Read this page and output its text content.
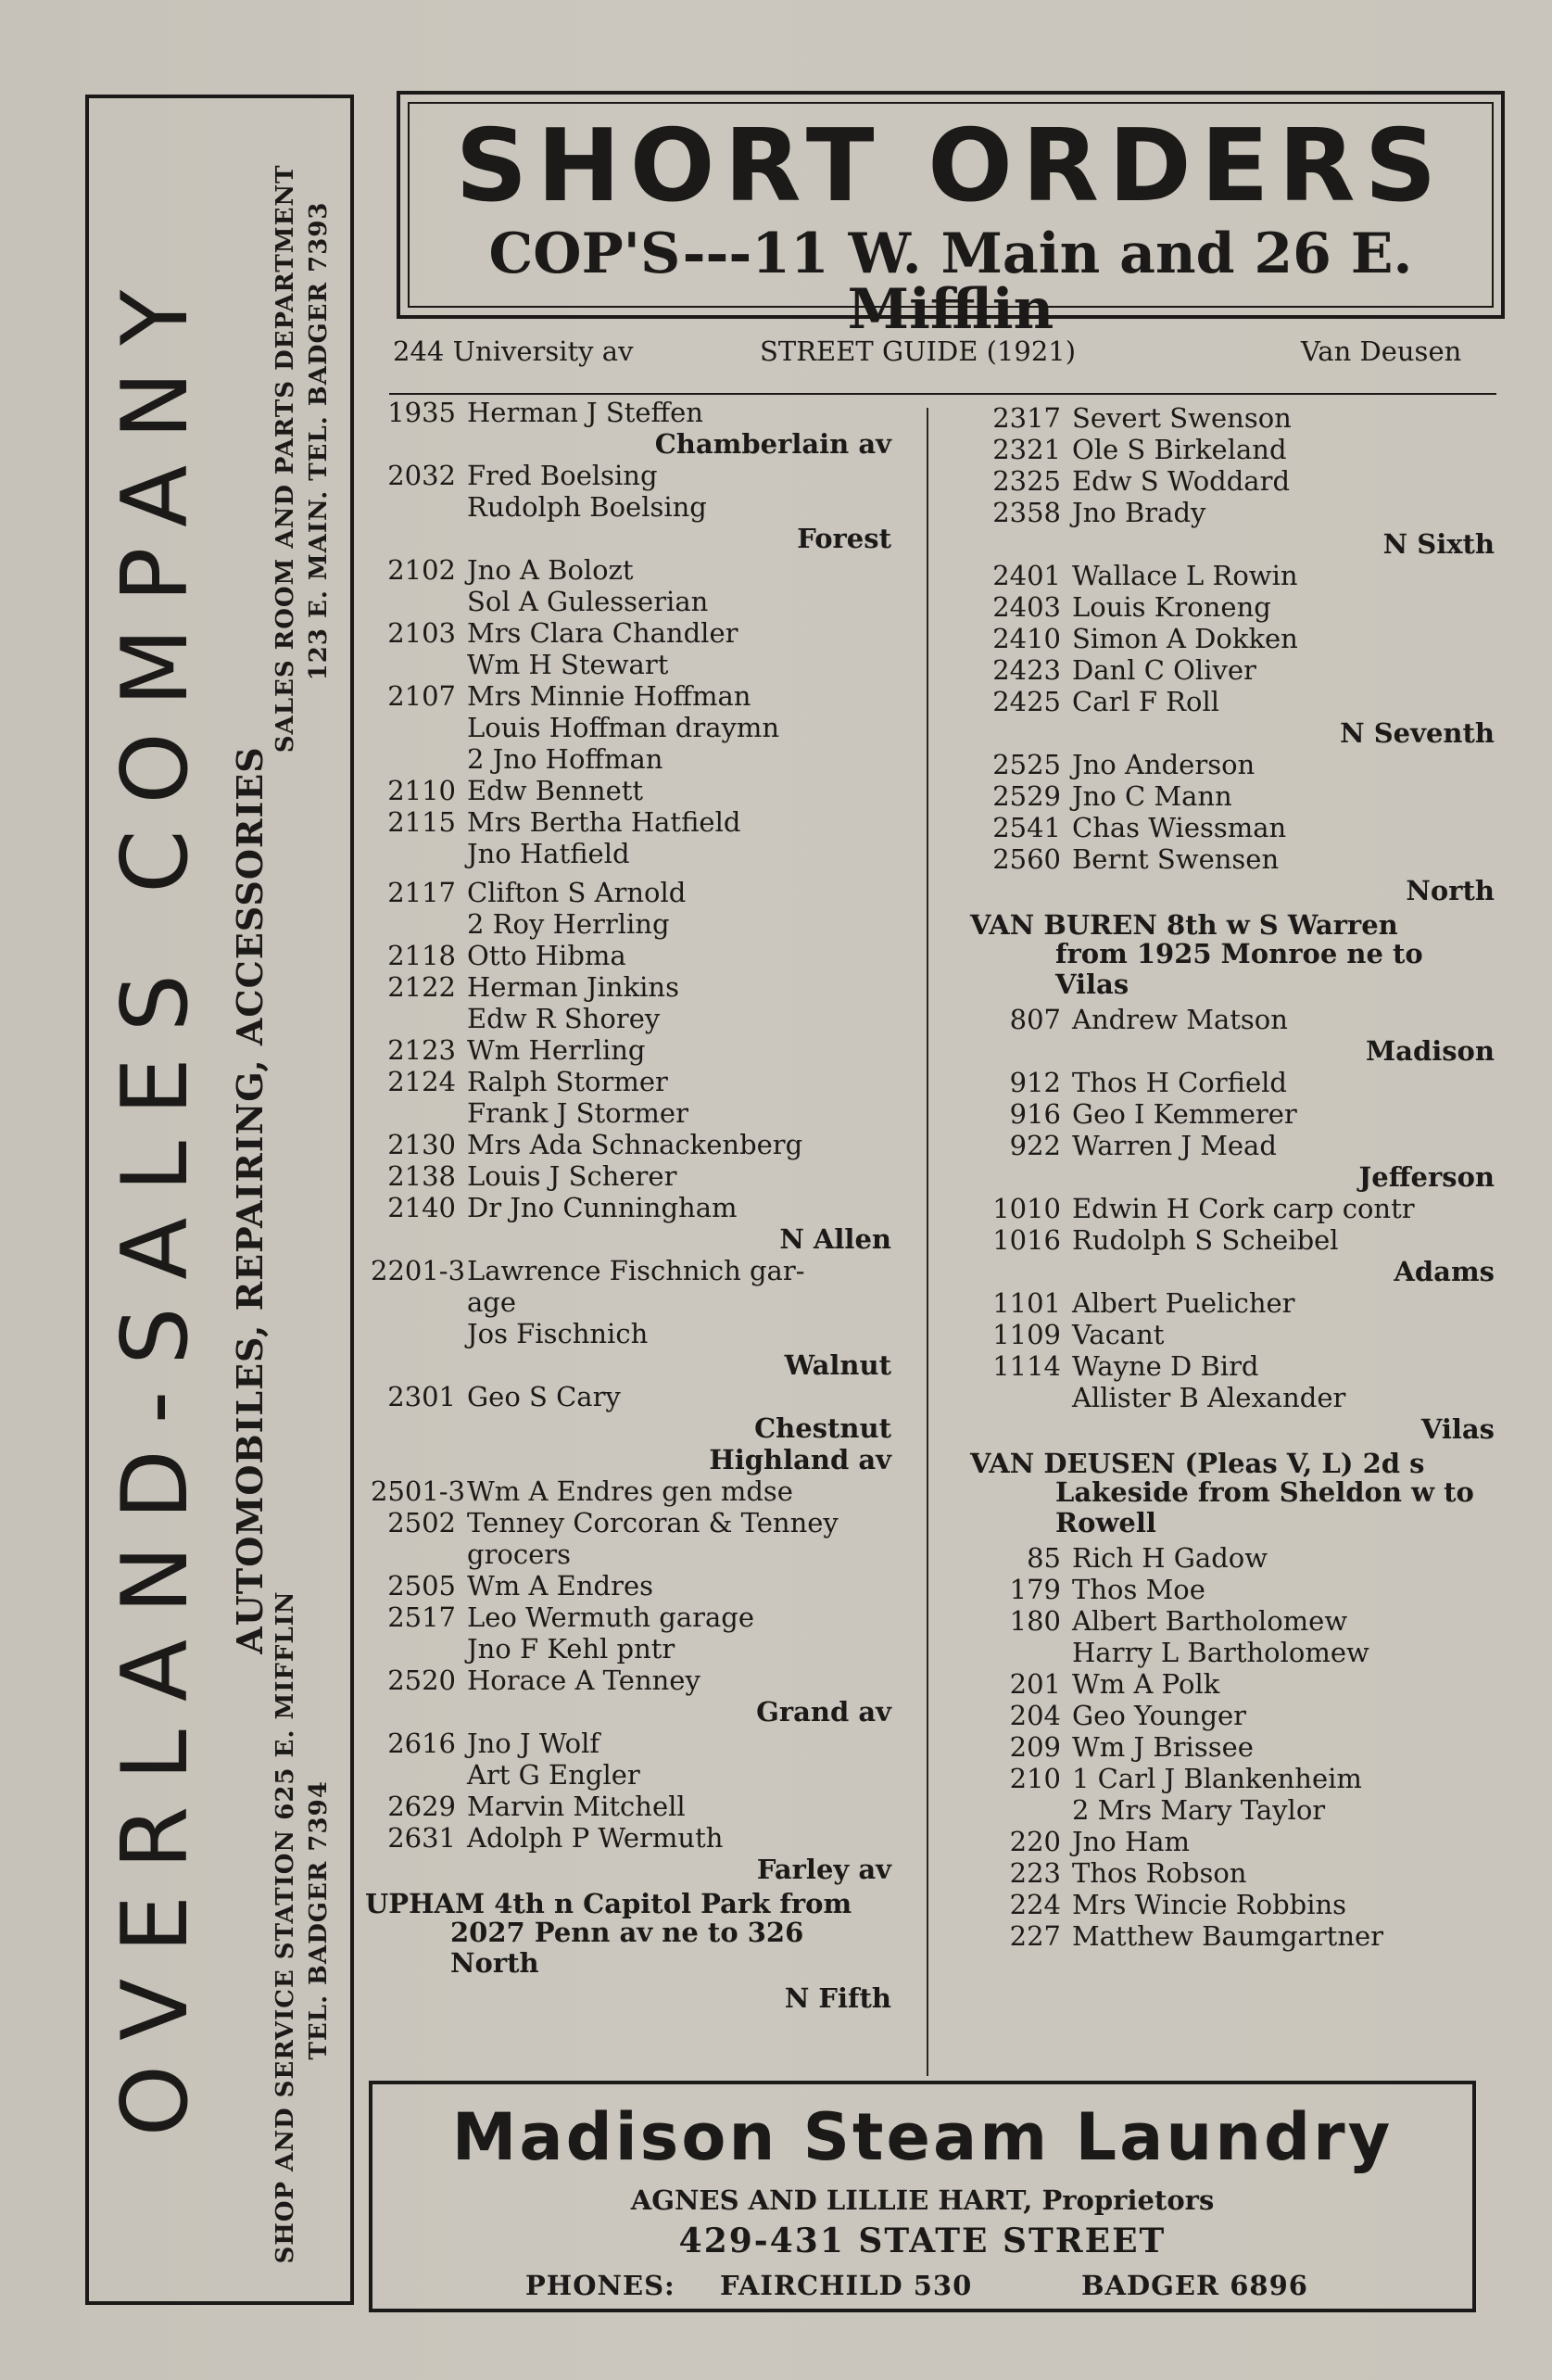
OVERLAND-SALES COMPANY AUTOMOBILES, REPAIRING, ACCESSORIES
SHOP AND SERVICE STATION 625 E. MIFFLIN
SALES ROOM AND PARTS DEPARTMENT
TEL. BADGER 7394
123 E. MAIN. TEL. BADGER 7393
SHORT ORDERS
COP'S---11 W. Main and 26 E. Mifflin
244 University av	STREET GUIDE (1921)	Van Deusen
1935 Herman J Steffen
Chamberlain av
2032 Fred Boelsing
Rudolph Boelsing
Forest
2102 Jno A Bolozt
Sol A Gulesserian
2103 Mrs Clara Chandler
Wm H Stewart
2107 Mrs Minnie Hoffman
Louis Hoffman draymn
2 Jno Hoffman
2110 Edw Bennett
2115 Mrs Bertha Hatfield
Jno Hatfield
2117 Clifton S Arnold
2 Roy Herrling
2118 Otto Hibma
2122 Herman Jinkins
Edw R Shorey
2123 Wm Herrling
2124 Ralph Stormer
Frank J Stormer
2130 Mrs Ada Schnackenberg
2138 Louis J Scherer
2140 Dr Jno Cunningham
N Allen
2201-3 Lawrence Fischnich gar-
age
Jos Fischnich
Walnut
2301 Geo S Cary
Chestnut
Highland av
2501-3 Wm A Endres gen mdse
2502 Tenney Corcoran & Tenney
grocers
2505 Wm A Endres
2517 Leo Wermuth garage
Jno F Kehl pntr
2520 Horace A Tenney
Grand av
2616 Jno J Wolf
Art G Engler
2629 Marvin Mitchell
2631 Adolph P Wermuth
Farley av
UPHAM 4th n Capitol Park from
2027 Penn av ne to 326 North
N Fifth
2317 Severt Swenson
2321 Ole S Birkeland
2325 Edw S Woddard
2358 Jno Brady
N Sixth
2401 Wallace L Rowin
2403 Louis Kroneng
2410 Simon A Dokken
2423 Danl C Oliver
2425 Carl F Roll
N Seventh
2525 Jno Anderson
2529 Jno C Mann
2541 Chas Wiessman
2560 Bernt Swensen
North
VAN BUREN 8th w S Warren
from 1925 Monroe ne to Vilas
807 Andrew Matson
Madison
912 Thos H Corfield
916 Geo I Kemmerer
922 Warren J Mead
Jefferson
1010 Edwin H Cork carp contr
1016 Rudolph S Scheibel
Adams
1101 Albert Puelicher
1109 Vacant
1114 Wayne D Bird
Allister B Alexander
Vilas
VAN DEUSEN (Pleas V, L) 2d s
Lakeside from Sheldon w to Rowell
85 Rich H Gadow
179 Thos Moe
180 Albert Bartholomew
Harry L Bartholomew
201 Wm A Polk
204 Geo Younger
209 Wm J Brissee
210 1 Carl J Blankenheim
2 Mrs Mary Taylor
220 Jno Ham
223 Thos Robson
224 Mrs Wincie Robbins
227 Matthew Baumgartner
Madison Steam Laundry
AGNES AND LILLIE HART, Proprietors
429-431 STATE STREET
PHONES: FAIRCHILD 530	BADGER 6896
